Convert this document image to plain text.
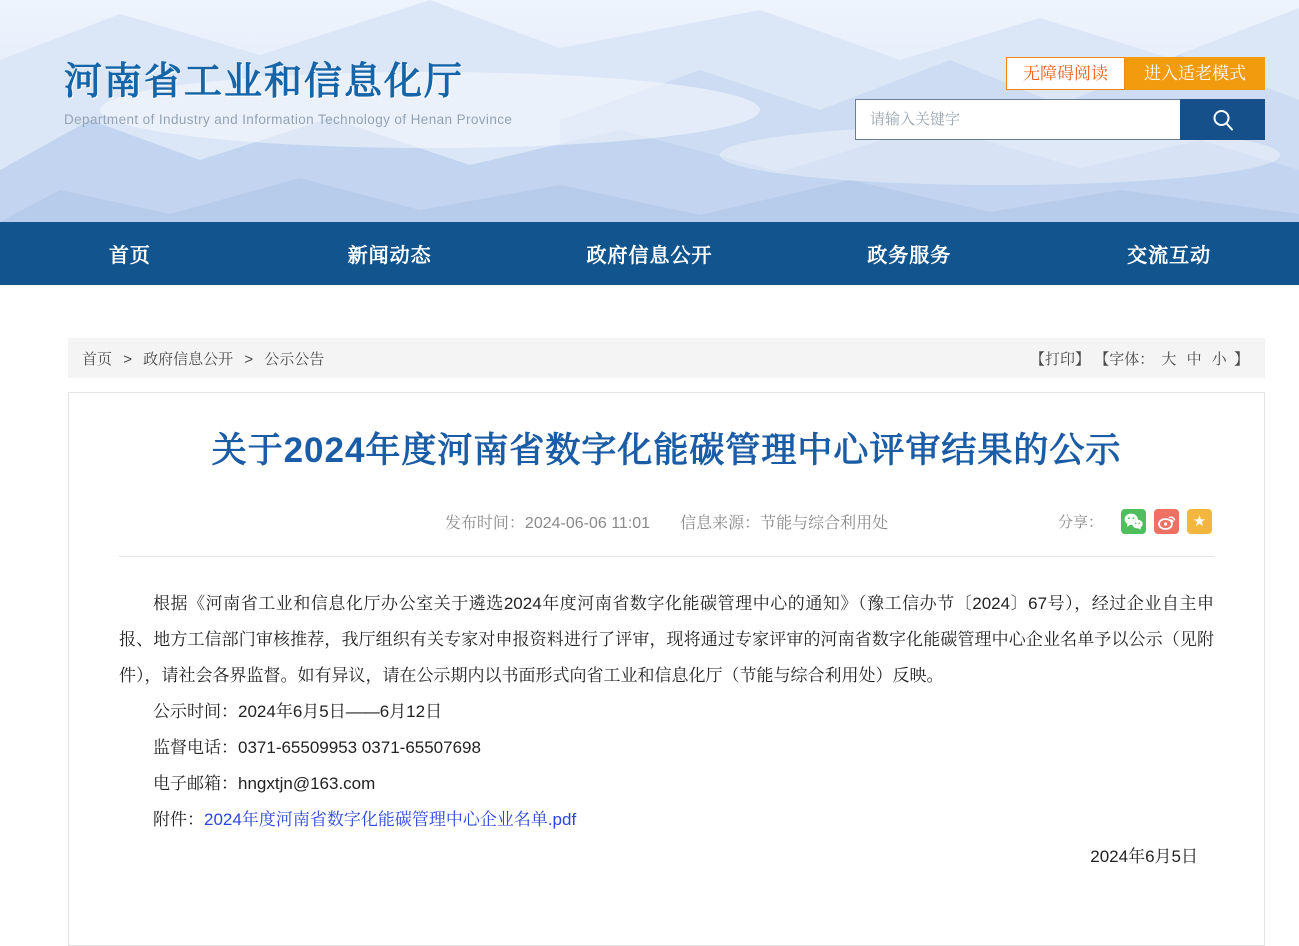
河南省工业和信息化厅
Department of Industry and Information Technology of Henan Province
无障碍阅读	进入适老模式
请输入关键字
首页	新闻动态	政府信息公开	政务服务	交流互动
首页 > 政府信息公开 > 公示公告	【打印】 【字体： 大 中 小 】
关于2024年度河南省数字化能碳管理中心评审结果的公示
发布时间：2024-06-06 11:01 信息来源：节能与综合利用处	分享：	★

根据《河南省工业和信息化厅办公室关于遴选2024年度河南省数字化能碳管理中心的通知》（豫工信办节〔2024〕67号），经过企业自主申报、地方工信部门审核推荐，我厅组织有关专家对申报资料进行了评审，现将通过专家评审的河南省数字化能碳管理中心企业名单予以公示（见附件），请社会各界监督。如有异议，请在公示期内以书面形式向省工业和信息化厅（节能与综合利用处）反映。

公示时间：2024年6月5日——6月12日
监督电话：0371-65509953 0371-65507698
电子邮箱：hngxtjn@163.com
附件：2024年度河南省数字化能碳管理中心企业名单.pdf
2024年6月5日
